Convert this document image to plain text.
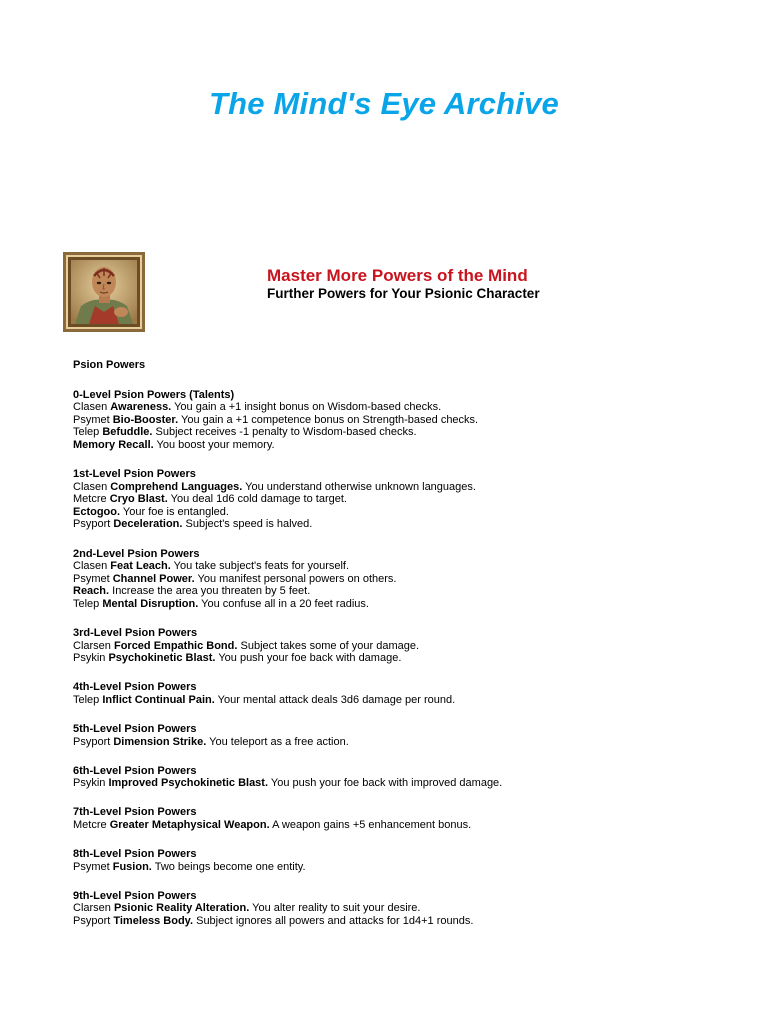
The Mind's Eye Archive
Master More Powers of the Mind
Further Powers for Your Psionic Character
Psion Powers
0-Level Psion Powers (Talents)
Clasen Awareness. You gain a +1 insight bonus on Wisdom-based checks.
Psymet Bio-Booster. You gain a +1 competence bonus on Strength-based checks.
Telep Befuddle. Subject receives -1 penalty to Wisdom-based checks.
Memory Recall. You boost your memory.
1st-Level Psion Powers
Clasen Comprehend Languages. You understand otherwise unknown languages.
Metcre Cryo Blast. You deal 1d6 cold damage to target.
Ectogoo. Your foe is entangled.
Psyport Deceleration. Subject's speed is halved.
2nd-Level Psion Powers
Clasen Feat Leach. You take subject's feats for yourself.
Psymet Channel Power. You manifest personal powers on others.
Reach. Increase the area you threaten by 5 feet.
Telep Mental Disruption. You confuse all in a 20 feet radius.
3rd-Level Psion Powers
Clarsen Forced Empathic Bond. Subject takes some of your damage.
Psykin Psychokinetic Blast. You push your foe back with damage.
4th-Level Psion Powers
Telep Inflict Continual Pain. Your mental attack deals 3d6 damage per round.
5th-Level Psion Powers
Psyport Dimension Strike. You teleport as a free action.
6th-Level Psion Powers
Psykin Improved Psychokinetic Blast. You push your foe back with improved damage.
7th-Level Psion Powers
Metcre Greater Metaphysical Weapon. A weapon gains +5 enhancement bonus.
8th-Level Psion Powers
Psymet Fusion. Two beings become one entity.
9th-Level Psion Powers
Clarsen Psionic Reality Alteration. You alter reality to suit your desire.
Psyport Timeless Body. Subject ignores all powers and attacks for 1d4+1 rounds.
